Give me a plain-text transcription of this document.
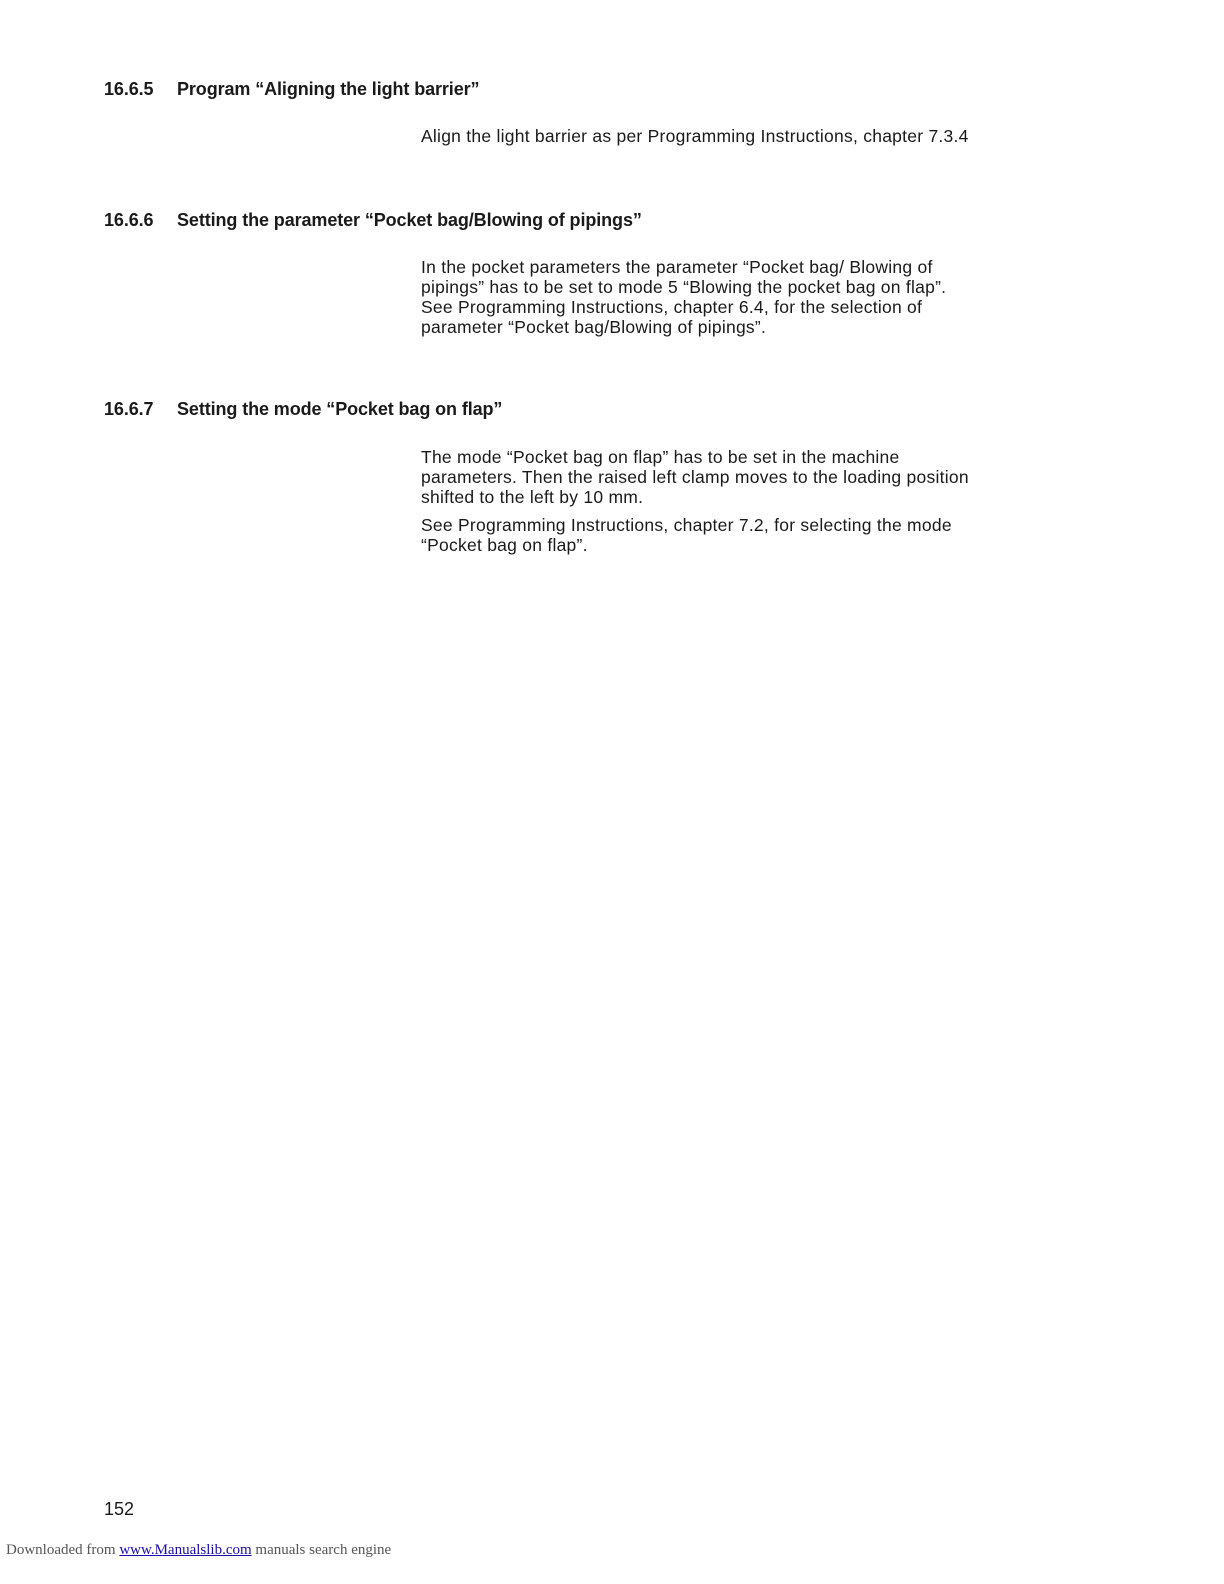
16.6.5 Program “Aligning the light barrier”

Align the light barrier as per Programming Instructions, chapter 7.3.4

16.6.6 Setting the parameter “Pocket bag/Blowing of pipings”

In the pocket parameters the parameter “Pocket bag/ Blowing of
pipings” has to be set to mode 5 “Blowing the pocket bag on flap”.
See Programming Instructions, chapter 6.4, for the selection of
parameter “Pocket bag/Blowing of pipings”.

16.6.7 Setting the mode “Pocket bag on flap”

The mode “Pocket bag on flap” has to be set in the machine
parameters. Then the raised left clamp moves to the loading position
shifted to the left by 10 mm.

See Programming Instructions, chapter 7.2, for selecting the mode
“Pocket bag on flap”.

152
Downloaded from www.Manualslib.com manuals search engine
